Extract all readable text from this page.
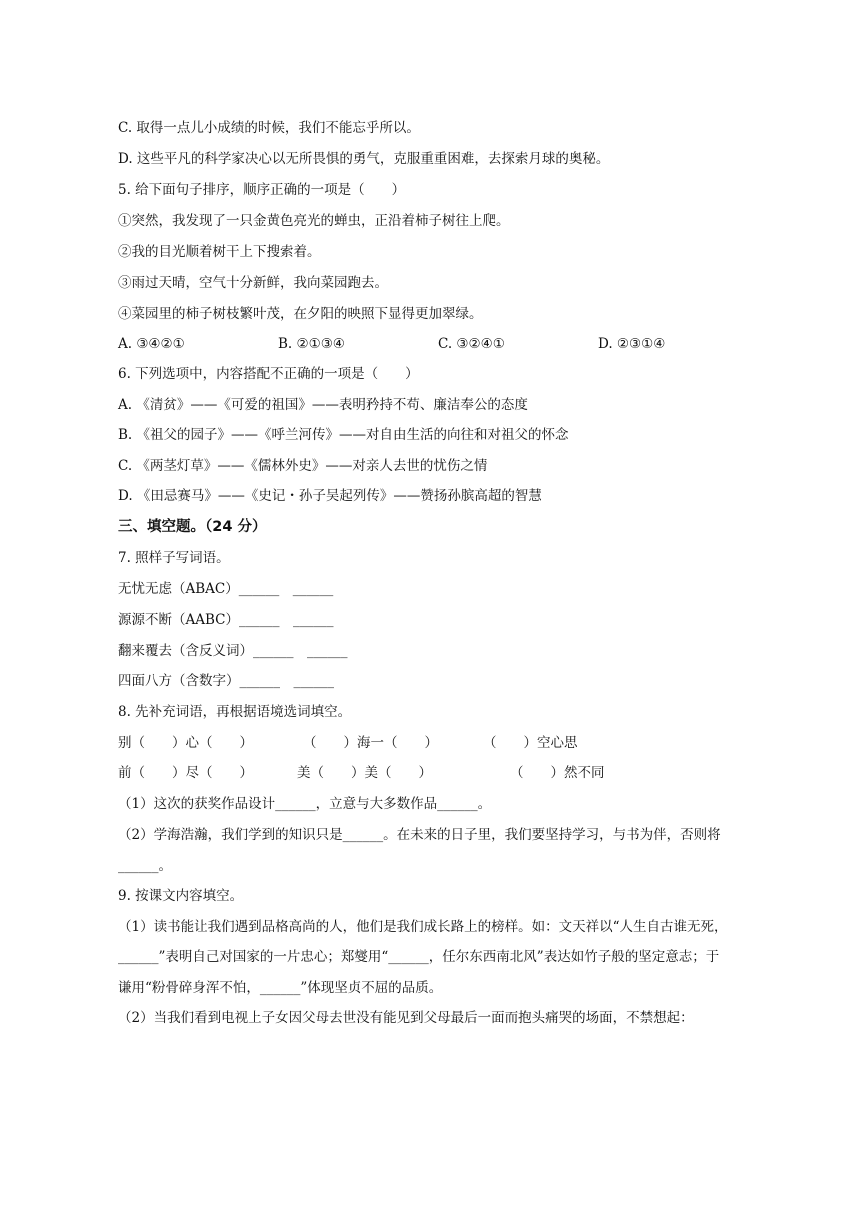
C. 取得一点儿小成绩的时候，我们不能忘乎所以。
D. 这些平凡的科学家决心以无所畏惧的勇气，克服重重困难，去探索月球的奥秘。
5. 给下面句子排序，顺序正确的一项是（　　）
①突然，我发现了一只金黄色亮光的蝉虫，正沿着柿子树往上爬。
②我的目光顺着树干上下搜索着。
③雨过天晴，空气十分新鲜，我向菜园跑去。
④菜园里的柿子树枝繁叶茂，在夕阳的映照下显得更加翠绿。
A. ③④②①	B. ②①③④	C. ③②④①	D. ②③①④
6. 下列选项中，内容搭配不正确的一项是（　　）
A. 《清贫》——《可爱的祖国》——表明矜持不苟、廉洁奉公的态度
B. 《祖父的园子》——《呼兰河传》——对自由生活的向往和对祖父的怀念
C. 《两茎灯草》——《儒林外史》——对亲人去世的忧伤之情
D. 《田忌赛马》——《史记・孙子吴起列传》——赞扬孙膑高超的智慧
三、填空题。（24 分）
7. 照样子写词语。
无忧无虑（ABAC）______　______
源源不断（AABC）______　______
翻来覆去（含反义词）______　______
四面八方（含数字）______　______
8. 先补充词语，再根据语境选词填空。
别（　　）心（　　）	（　　）海一（　　）	（　　）空心思
前（　　）尽（　　）	美（　　）美（　　）	（　　）然不同
（1）这次的获奖作品设计______，立意与大多数作品______。
（2）学海浩瀚，我们学到的知识只是______。在未来的日子里，我们要坚持学习，与书为伴，否则将
______。
9. 按课文内容填空。
（1）读书能让我们遇到品格高尚的人，他们是我们成长路上的榜样。如：文天祥以“人生自古谁无死，
______”表明自己对国家的一片忠心；郑燮用“______，任尔东西南北风”表达如竹子般的坚定意志；于
谦用“粉骨碎身浑不怕，______”体现坚贞不屈的品质。
（2）当我们看到电视上子女因父母去世没有能见到父母最后一面而抱头痛哭的场面，不禁想起：
